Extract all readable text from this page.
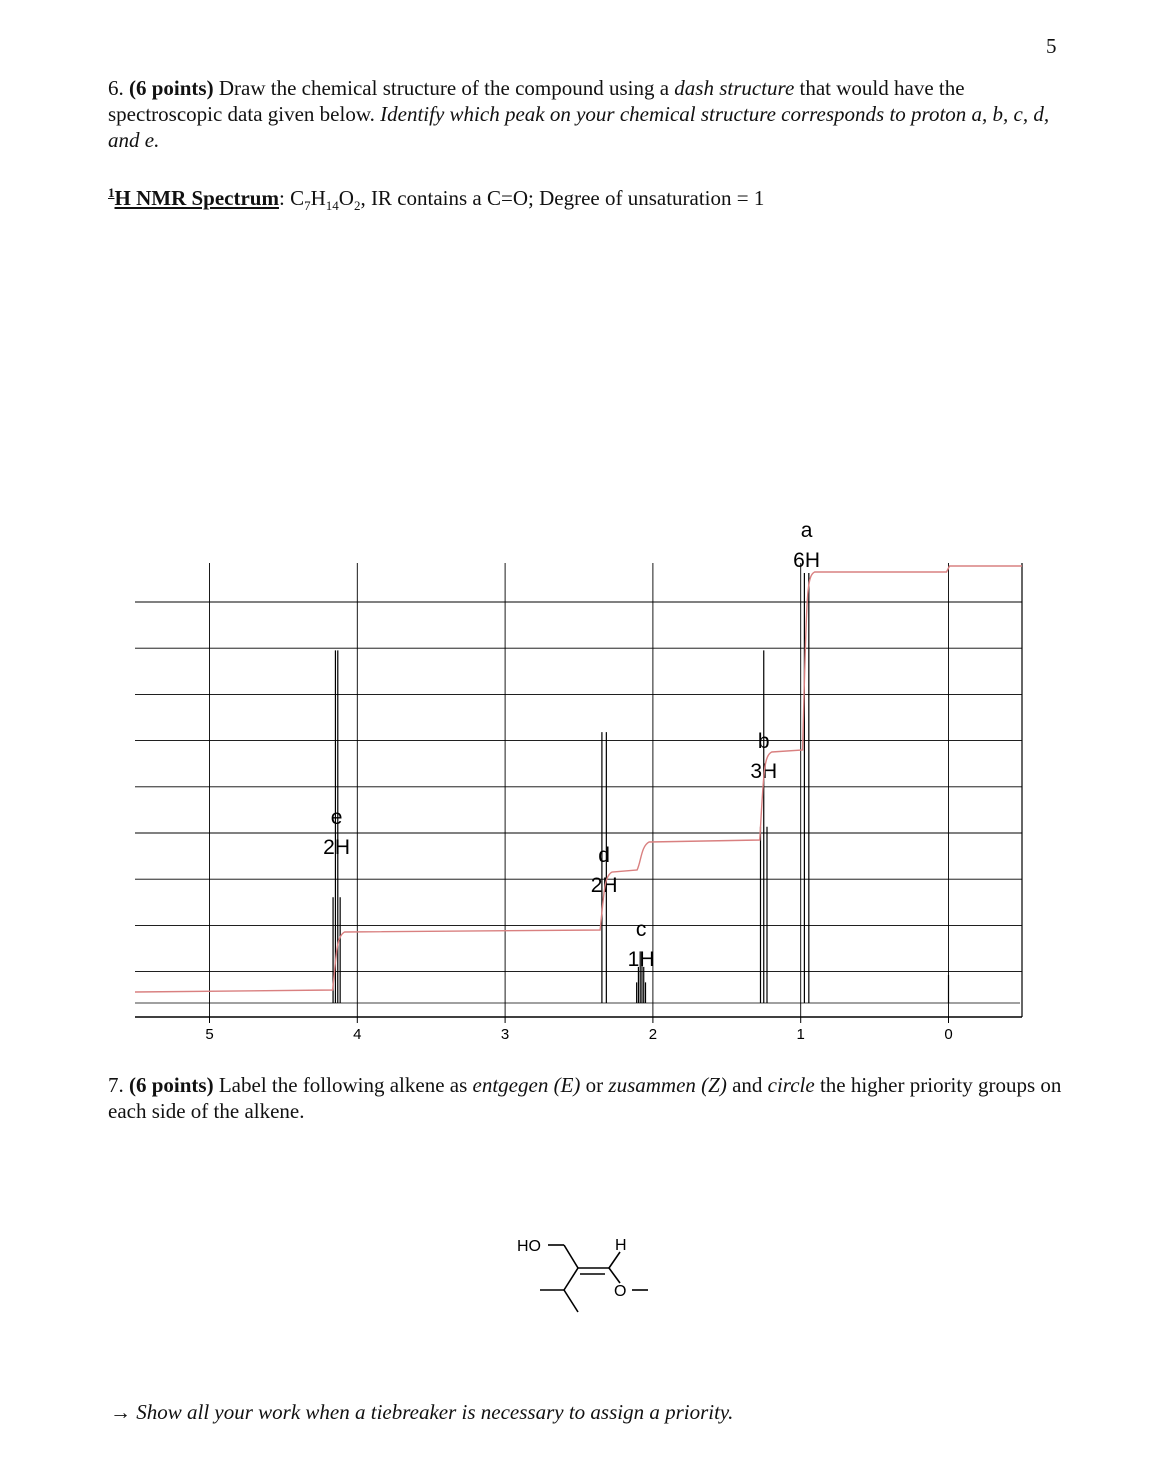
5
6. (6 points) Draw the chemical structure of the compound using a dash structure that would have the spectroscopic data given below. Identify which peak on your chemical structure corresponds to proton a, b, c, d, and e.
$^1$H NMR Spectrum: $C_7H_{14}O_2$, IR contains a C=O; Degree of unsaturation = 1
5	4	3	2	1	0
e
2H	d
2H
c
1H
b
3H
a
6H
7. (6 points) Label the following alkene as entgegen (E) or zusammen (Z) and circle the higher priority groups on each side of the alkene.
HO	H
O
→ Show all your work when a tiebreaker is necessary to assign a priority.
